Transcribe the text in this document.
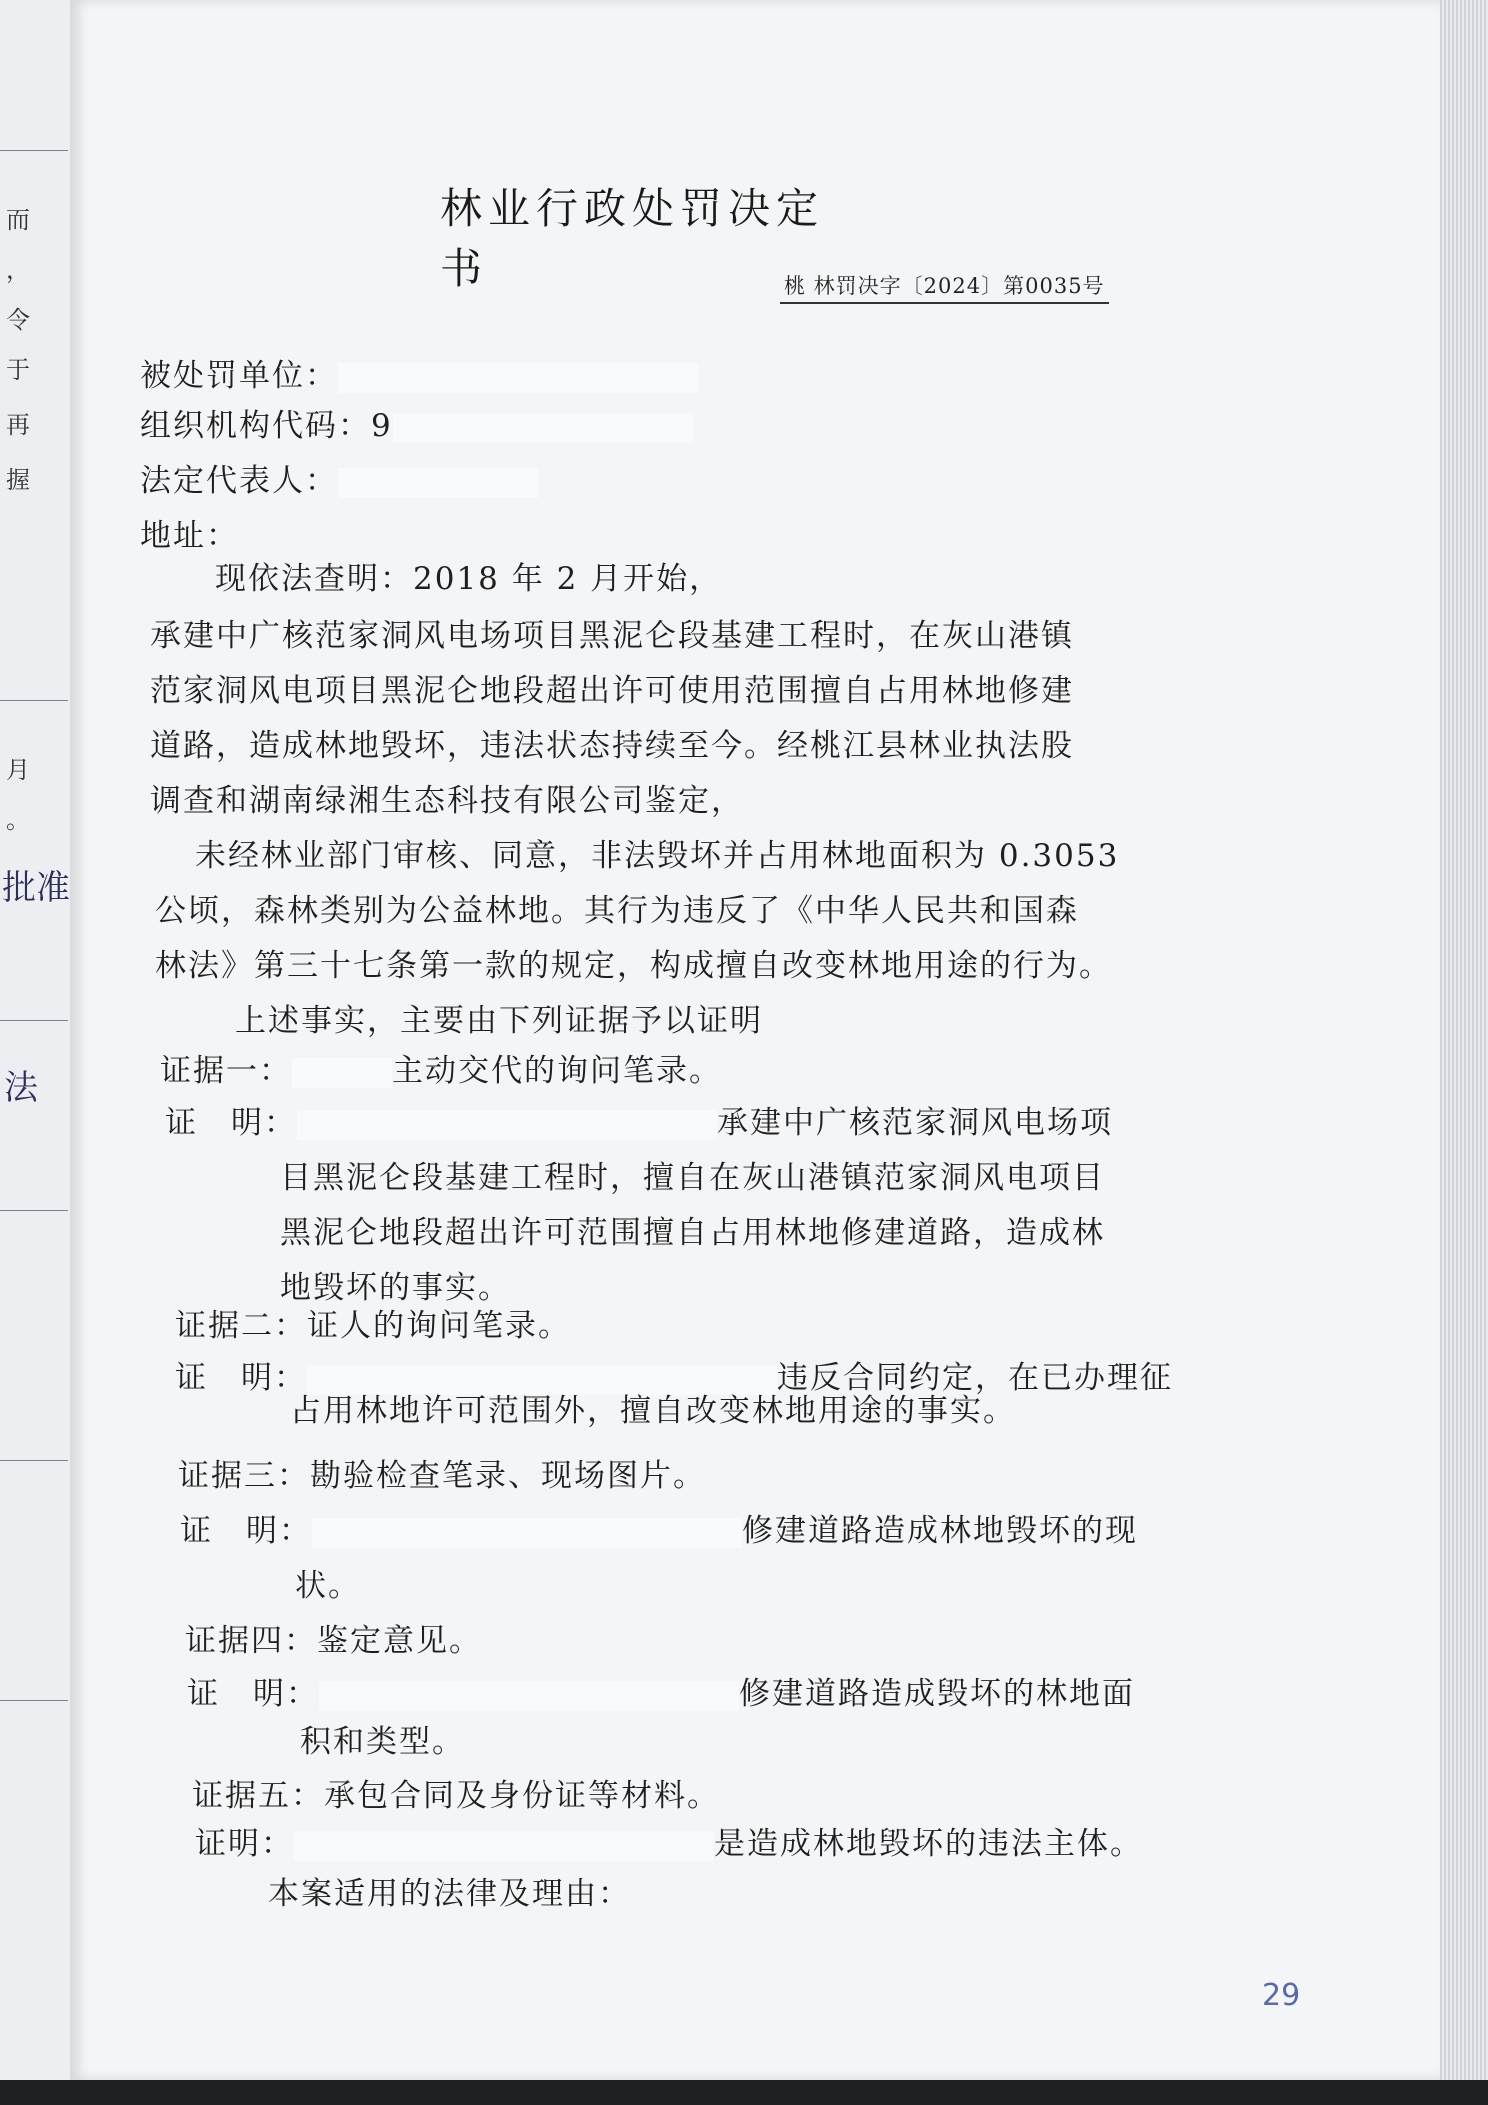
而
，
令
于
再
握
月
。
批准
法
林业行政处罚决定书	桃 林罚决字〔2024〕第0035号
被处罚单位：
组织机构代码：9
法定代表人：
地址：
现依法查明：2018 年 2 月开始，
承建中广核范家洞风电场项目黑泥仑段基建工程时，在灰山港镇
范家洞风电项目黑泥仑地段超出许可使用范围擅自占用林地修建
道路，造成林地毁坏，违法状态持续至今。经桃江县林业执法股
调查和湖南绿湘生态科技有限公司鉴定，
未经林业部门审核、同意，非法毁坏并占用林地面积为 0.3053
公顷，森林类别为公益林地。其行为违反了《中华人民共和国森
林法》第三十七条第一款的规定，构成擅自改变林地用途的行为。
上述事实，主要由下列证据予以证明
证据一：	主动交代的询问笔录。
证　明：	承建中广核范家洞风电场项
目黑泥仑段基建工程时，擅自在灰山港镇范家洞风电项目
黑泥仑地段超出许可范围擅自占用林地修建道路，造成林
地毁坏的事实。
证据二：证人的询问笔录。
证　明：	违反合同约定，在已办理征
占用林地许可范围外，擅自改变林地用途的事实。
证据三：勘验检查笔录、现场图片。
证　明：	修建道路造成林地毁坏的现
状。
证据四：鉴定意见。
证　明：	修建道路造成毁坏的林地面
积和类型。
证据五：承包合同及身份证等材料。
证明：	是造成林地毁坏的违法主体。
本案适用的法律及理由：
29
